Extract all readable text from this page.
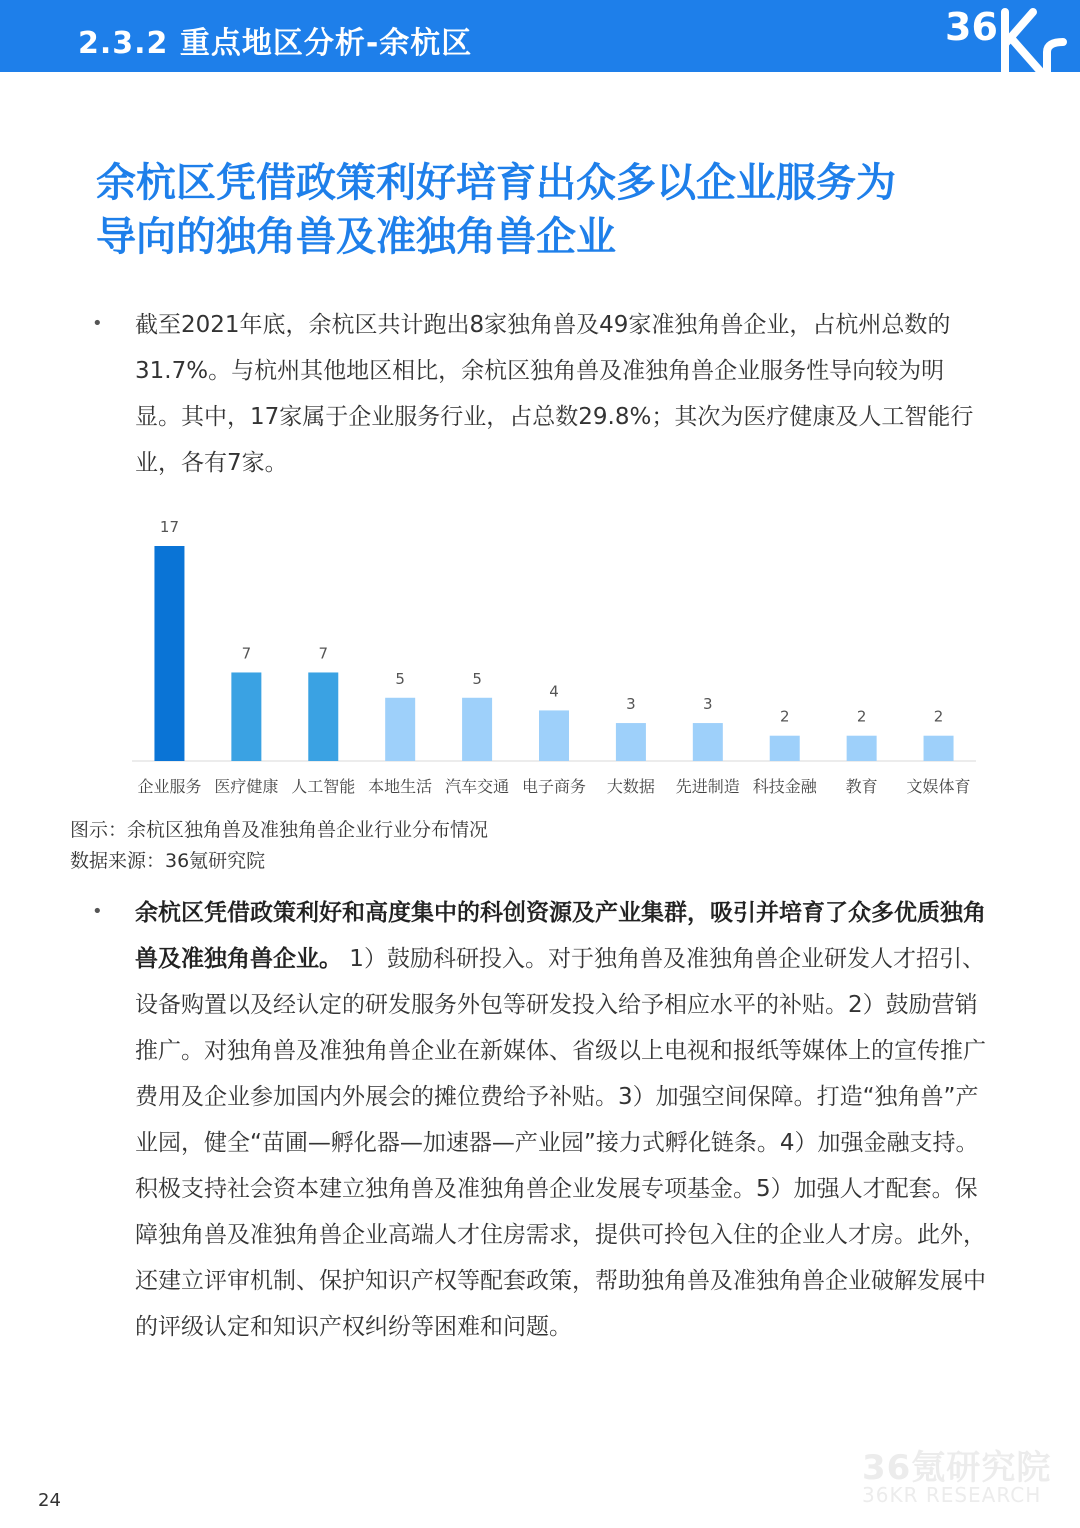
2.3.2 重点地区分析-余杭区	36
余杭区凭借政策利好培育出众多以企业服务为
导向的独角兽及准独角兽企业
•	截至2021年底，余杭区共计跑出8家独角兽及49家准独角兽企业，占杭州总数的31.7%。与杭州其他地区相比，余杭区独角兽及准独角兽企业服务性导向较为明显。其中，17家属于企业服务行业，占总数29.8%；其次为医疗健康及人工智能行业，各有7家。
17
企业服务
7
医疗健康
7
人工智能
5
本地生活
5
汽车交通
4
电子商务
3
大数据
3
先进制造
2
科技金融
2
教育
2
文娱体育
图示：余杭区独角兽及准独角兽企业行业分布情况
数据来源：36氪研究院
•	余杭区凭借政策利好和高度集中的科创资源及产业集群，吸引并培育了众多优质独角兽及准独角兽企业。 1）鼓励科研投入。对于独角兽及准独角兽企业研发人才招引、设备购置以及经认定的研发服务外包等研发投入给予相应水平的补贴。2）鼓励营销推广。对独角兽及准独角兽企业在新媒体、省级以上电视和报纸等媒体上的宣传推广费用及企业参加国内外展会的摊位费给予补贴。3）加强空间保障。打造“独角兽”产业园，健全“苗圃—孵化器—加速器—产业园”接力式孵化链条。4）加强金融支持。积极支持社会资本建立独角兽及准独角兽企业发展专项基金。5）加强人才配套。保障独角兽及准独角兽企业高端人才住房需求，提供可拎包入住的企业人才房。此外，还建立评审机制、保护知识产权等配套政策，帮助独角兽及准独角兽企业破解发展中的评级认定和知识产权纠纷等困难和问题。
36氪研究院
36KR RESEARCH
24
